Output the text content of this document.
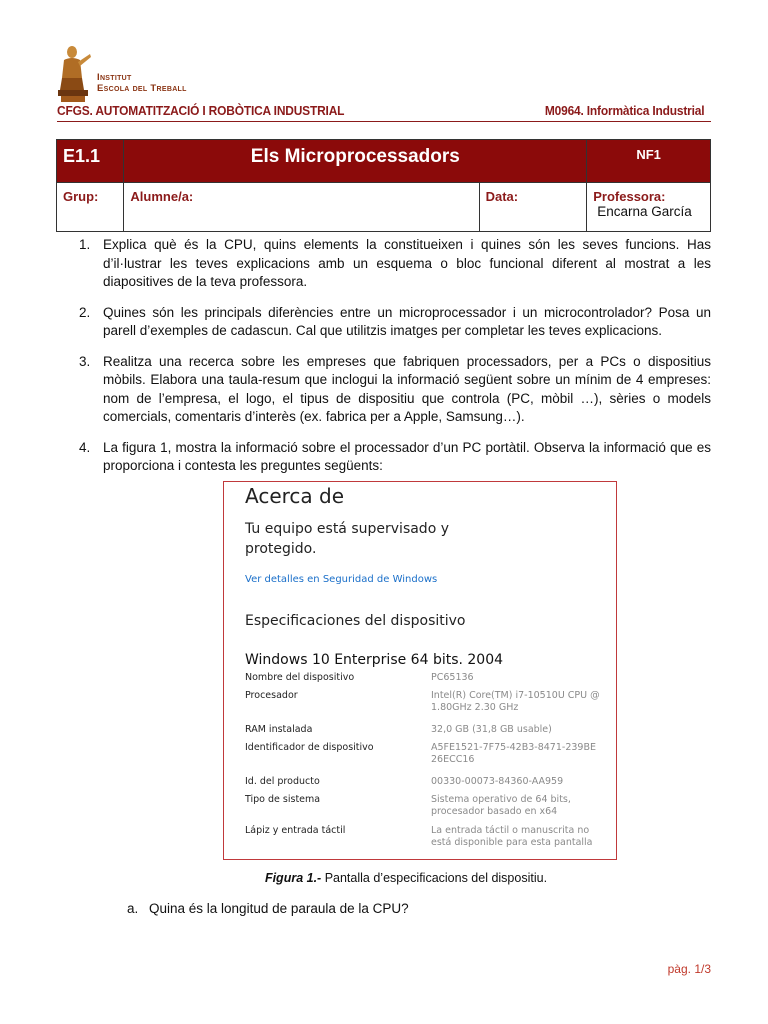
Institut
Escola del Treball
CFGS. AUTOMATITZACIÓ I ROBÒTICA INDUSTRIAL	M0964. Informàtica Industrial
E1.1	Els Microprocessadors		NF1
Grup:	Alumne/a:	Data:	Professora:
Encarna García
1. Explica què és la CPU, quins elements la constitueixen i quines són les seves funcions. Has d’il·lustrar les teves explicacions amb un esquema o bloc funcional diferent al mostrat a les diapositives de la teva professora.
2. Quines són les principals diferències entre un microprocessador i un microcontrolador? Posa un parell d’exemples de cadascun. Cal que utilitzis imatges per completar les teves explicacions.
3. Realitza una recerca sobre les empreses que fabriquen processadors, per a PCs o dispositius mòbils. Elabora una taula-resum que inclogui la informació següent sobre un mínim de 4 empreses: nom de l’empresa, el logo, el tipus de dispositiu que controla (PC, mòbil …), sèries o models comercials, comentaris d’interès (ex. fabrica per a Apple, Samsung…).
4. La figura 1, mostra la informació sobre el processador d’un PC portàtil. Observa la informació que es proporciona i contesta les preguntes següents:
Acerca de
Tu equipo está supervisado y protegido.
Ver detalles en Seguridad de Windows
Especificaciones del dispositivo
Windows 10 Enterprise 64 bits. 2004
Nombre del dispositivo	PC65136
Procesador	Intel(R) Core(TM) i7-10510U CPU @ 1.80GHz 2.30 GHz
RAM instalada	32,0 GB (31,8 GB usable)
Identificador de dispositivo	A5FE1521-7F75-42B3-8471-239BE 26ECC16
Id. del producto	00330-00073-84360-AA959
Tipo de sistema	Sistema operativo de 64 bits, procesador basado en x64
Lápiz y entrada táctil	La entrada táctil o manuscrita no está disponible para esta pantalla
Figura 1.- Pantalla d’especificacions del dispositiu.
a. Quina és la longitud de paraula de la CPU?
pàg. 1/3
